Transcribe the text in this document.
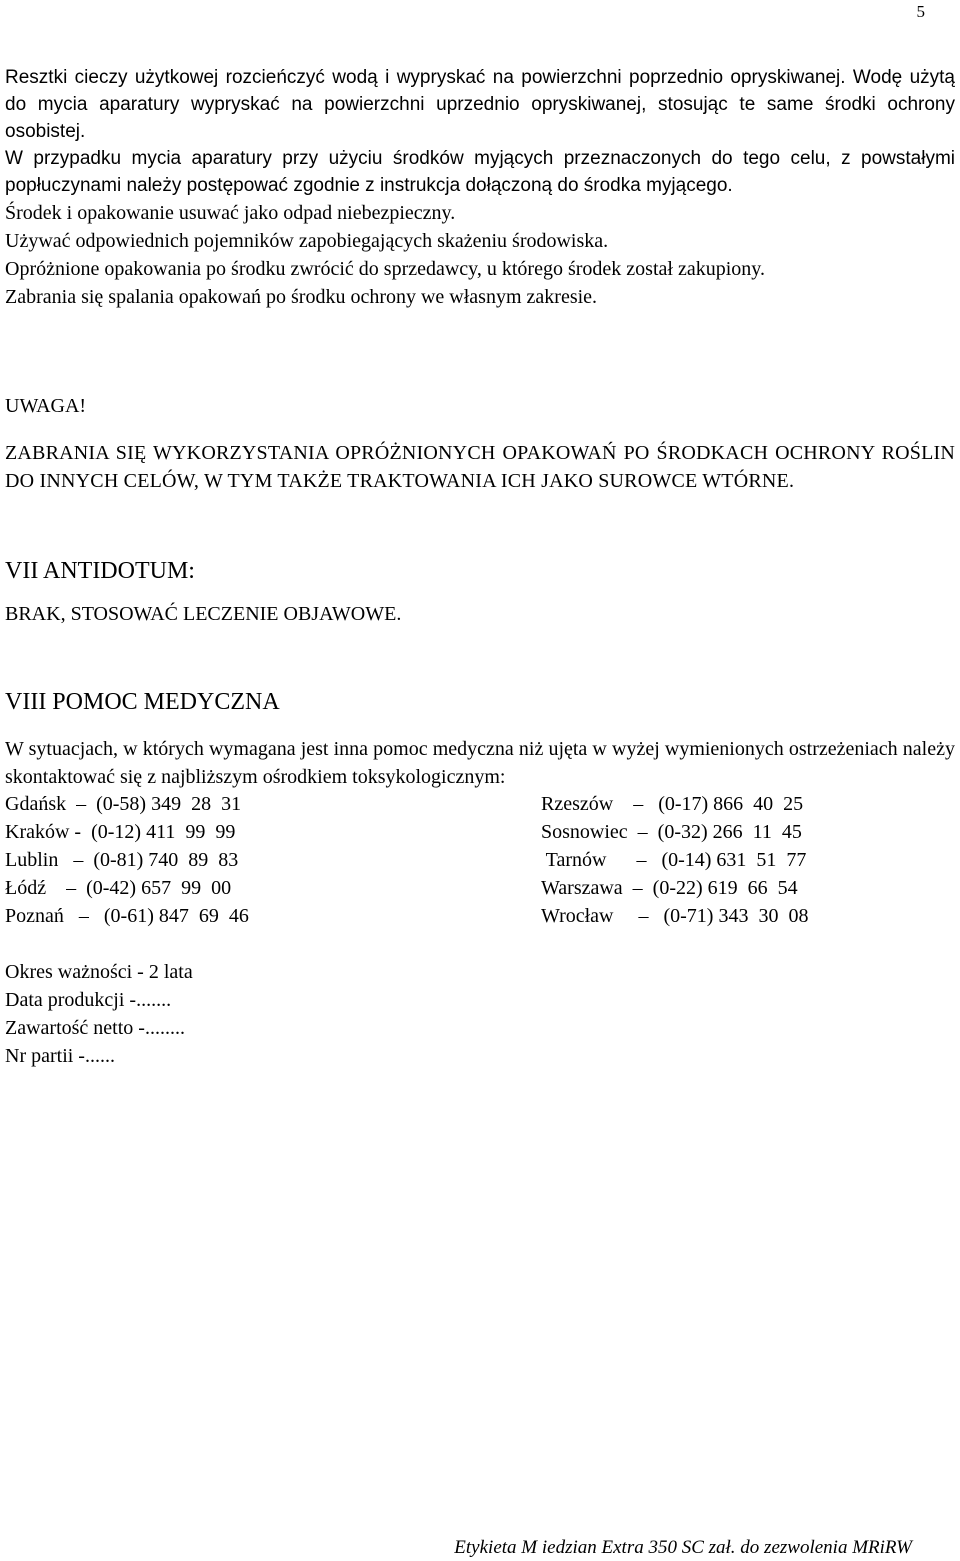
5

Resztki cieczy użytkowej rozcieńczyć wodą i wypryskać na powierzchni poprzednio opryskiwanej. Wodę użytą do mycia aparatury wypryskać na powierzchni uprzednio opryskiwanej, stosując te same środki ochrony osobistej.

W przypadku mycia aparatury przy użyciu środków myjących przeznaczonych do tego celu, z powstałymi popłuczynami należy postępować zgodnie z instrukcja dołączoną do środka myjącego.

Środek i opakowanie usuwać jako odpad niebezpieczny.

Używać odpowiednich pojemników zapobiegających skażeniu środowiska.

Opróżnione opakowania po środku zwrócić do sprzedawcy, u którego środek został zakupiony.

Zabrania się spalania opakowań po środku ochrony we własnym zakresie.

UWAGA!

ZABRANIA SIĘ WYKORZYSTANIA OPRÓŻNIONYCH OPAKOWAŃ PO ŚRODKACH OCHRONY ROŚLIN DO INNYCH CELÓW, W TYM TAKŻE TRAKTOWANIA ICH JAKO SUROWCE WTÓRNE.

VII ANTIDOTUM:

BRAK, STOSOWAĆ LECZENIE OBJAWOWE.

VIII POMOC MEDYCZNA

W sytuacjach, w których wymagana jest inna pomoc medyczna niż ujęta w wyżej wymienionych ostrzeżeniach należy skontaktować się z najbliższym ośrodkiem toksykologicznym:

Gdańsk  –  (0-58) 349  28  31	Rzeszów    –   (0-17) 866  40  25
Kraków -  (0-12) 411  99  99	Sosnowiec  –  (0-32) 266  11  45
Lublin   –  (0-81) 740  89  83	Tarnów      –   (0-14) 631  51  77
Łódź    –  (0-42) 657  99  00	Warszawa  –  (0-22) 619  66  54
Poznań   –   (0-61) 847  69  46	Wrocław     –   (0-71) 343  30  08

Okres ważności - 2 lata

Data produkcji -.......

Zawartość netto -........

Nr partii -......

Etykieta M iedzian Extra 350 SC zał. do zezwolenia MRiRW
